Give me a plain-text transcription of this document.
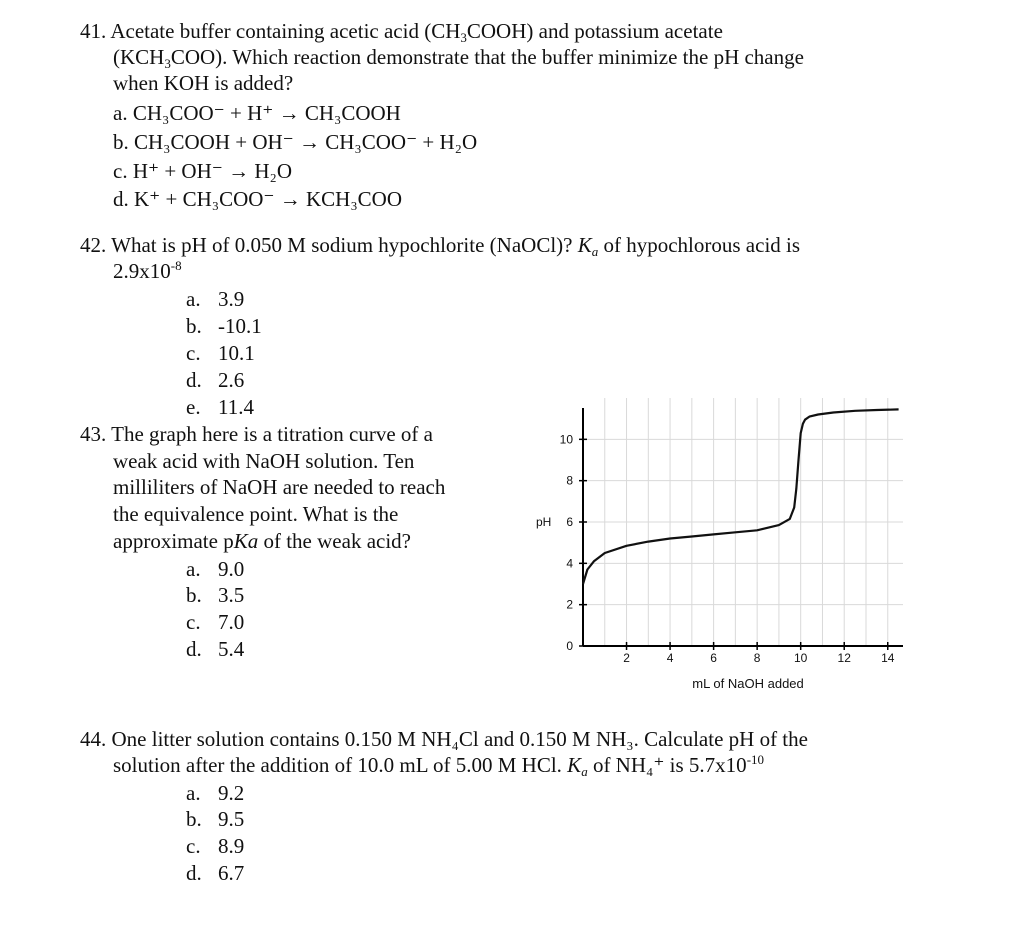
41. Acetate buffer containing acetic acid $(CH_3COOH)$ and potassium acetate
$(KCH_3COO)$. Which reaction demonstrate that the buffer minimize the pH change
when KOH is added?
a. CH₃COO⁻ + H⁺ → CH₃COOH
b. CH₃COOH + OH⁻ → CH₃COO⁻ + H₂O
c. H⁺ + OH⁻ → H₂O
d. K⁺ + CH₃COO⁻ → KCH₃COO
42. What is pH of 0.050 M sodium hypochlorite (NaOCl)? $K_a$ of hypochlorous acid is
$2.9x10^{-8}$
a. 3.9
b. -10.1
c. 10.1
d. 2.6
e. 11.4
43. The graph here is a titration curve of a
weak acid with NaOH solution. Ten
milliliters of NaOH are needed to reach
the equivalence point. What is the
approximate pKa of the weak acid?
a. 9.0
b. 3.5
c. 7.0
d. 5.4	2	4	6	8	10	12	14
0
2
4
6
8
10
pH
mL of NaOH added
44. One litter solution contains 0.150 M NH₄Cl and 0.150 M NH₃. Calculate pH of the
solution after the addition of 10.0 mL of 5.00 M HCl. $K_a$ of NH₄⁺ is $5.7x10^{-10}$
a. 9.2
b. 9.5
c. 8.9
d. 6.7
